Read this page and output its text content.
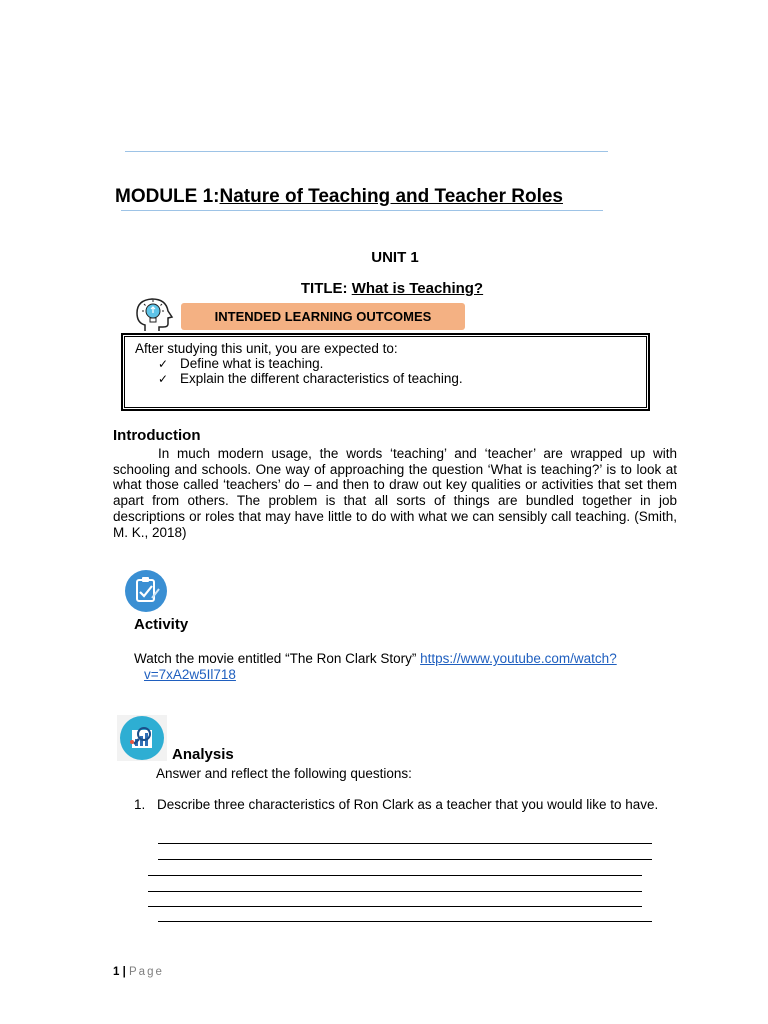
MODULE 1:Nature of Teaching and Teacher Roles
UNIT 1
TITLE: What is Teaching?
INTENDED LEARNING OUTCOMES
After studying this unit, you are expected to:
✓ Define what is teaching.
✓ Explain the different characteristics of teaching.
Introduction
In much modern usage, the words ‘teaching’ and ‘teacher’ are wrapped up with schooling and schools. One way of approaching the question ‘What is teaching?’ is to look at what those called ‘teachers’ do – and then to draw out key qualities or activities that set them apart from others. The problem is that all sorts of things are bundled together in job descriptions or roles that may have little to do with what we can sensibly call teaching. (Smith, M. K., 2018)
Activity
Watch the movie entitled “The Ron Clark Story” https://www.youtube.com/watch?
v=7xA2w5Il718
Analysis
Answer and reflect the following questions:
1. Describe three characteristics of Ron Clark as a teacher that you would like to have.
1 | Page
